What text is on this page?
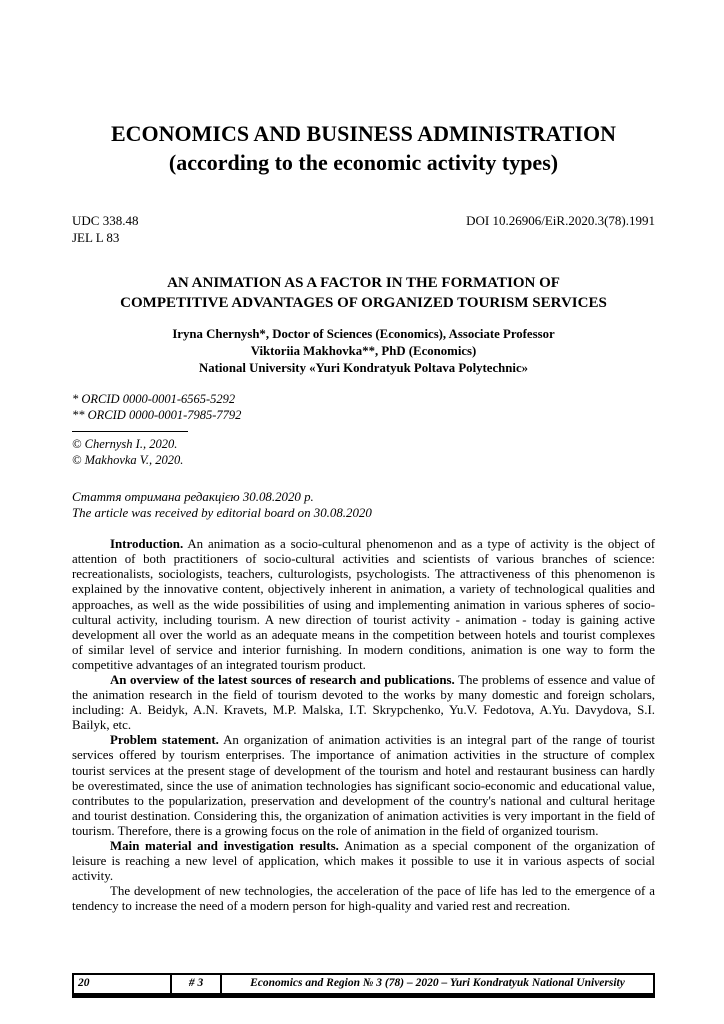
ECONOMICS AND BUSINESS ADMINISTRATION
(according to the economic activity types)
UDC 338.48	DOI 10.26906/EiR.2020.3(78).1991
JEL L 83
AN ANIMATION AS A FACTOR IN THE FORMATION OF
COMPETITIVE ADVANTAGES OF ORGANIZED TOURISM SERVICES
Iryna Chernysh*, Doctor of Sciences (Economics), Associate Professor
Viktoriia Makhovka**, PhD (Economics)
National University «Yuri Kondratyuk Poltava Polytechnic»
* ORCID 0000-0001-6565-5292
** ORCID 0000-0001-7985-7792
© Chernysh I., 2020.
© Makhovka V., 2020.
Стаття отримана редакцією 30.08.2020 р.
The article was received by editorial board on 30.08.2020

Introduction. An animation as a socio-cultural phenomenon and as a type of activity is the object of attention of both practitioners of socio-cultural activities and scientists of various branches of science: recreationalists, sociologists, teachers, culturologists, psychologists. The attractiveness of this phenomenon is explained by the innovative content, objectively inherent in animation, a variety of technological qualities and approaches, as well as the wide possibilities of using and implementing animation in various spheres of socio-cultural activity, including tourism. A new direction of tourist activity - animation - today is gaining active development all over the world as an adequate means in the competition between hotels and tourist complexes of similar level of service and interior furnishing. In modern conditions, animation is one way to form the competitive advantages of an integrated tourism product.

An overview of the latest sources of research and publications. The problems of essence and value of the animation research in the field of tourism devoted to the works by many domestic and foreign scholars, including: A. Beidyk, A.N. Kravets, M.P. Malska, I.T. Skrypchenko, Yu.V. Fedotova, A.Yu. Davydova, S.I. Bailyk, etc.

Problem statement. An organization of animation activities is an integral part of the range of tourist services offered by tourism enterprises. The importance of animation activities in the structure of complex tourist services at the present stage of development of the tourism and hotel and restaurant business can hardly be overestimated, since the use of animation technologies has significant socio-economic and educational value, contributes to the popularization, preservation and development of the country's national and cultural heritage and tourist destination. Considering this, the organization of animation activities is very important in the field of tourism. Therefore, there is a growing focus on the role of animation in the field of organized tourism.

Main material and investigation results. Animation as a special component of the organization of leisure is reaching a new level of application, which makes it possible to use it in various aspects of social activity.

The development of new technologies, the acceleration of the pace of life has led to the emergence of a tendency to increase the need of a modern person for high-quality and varied rest and recreation.

20	# 3	Economics and Region № 3 (78) – 2020 – Yuri Kondratyuk National University
